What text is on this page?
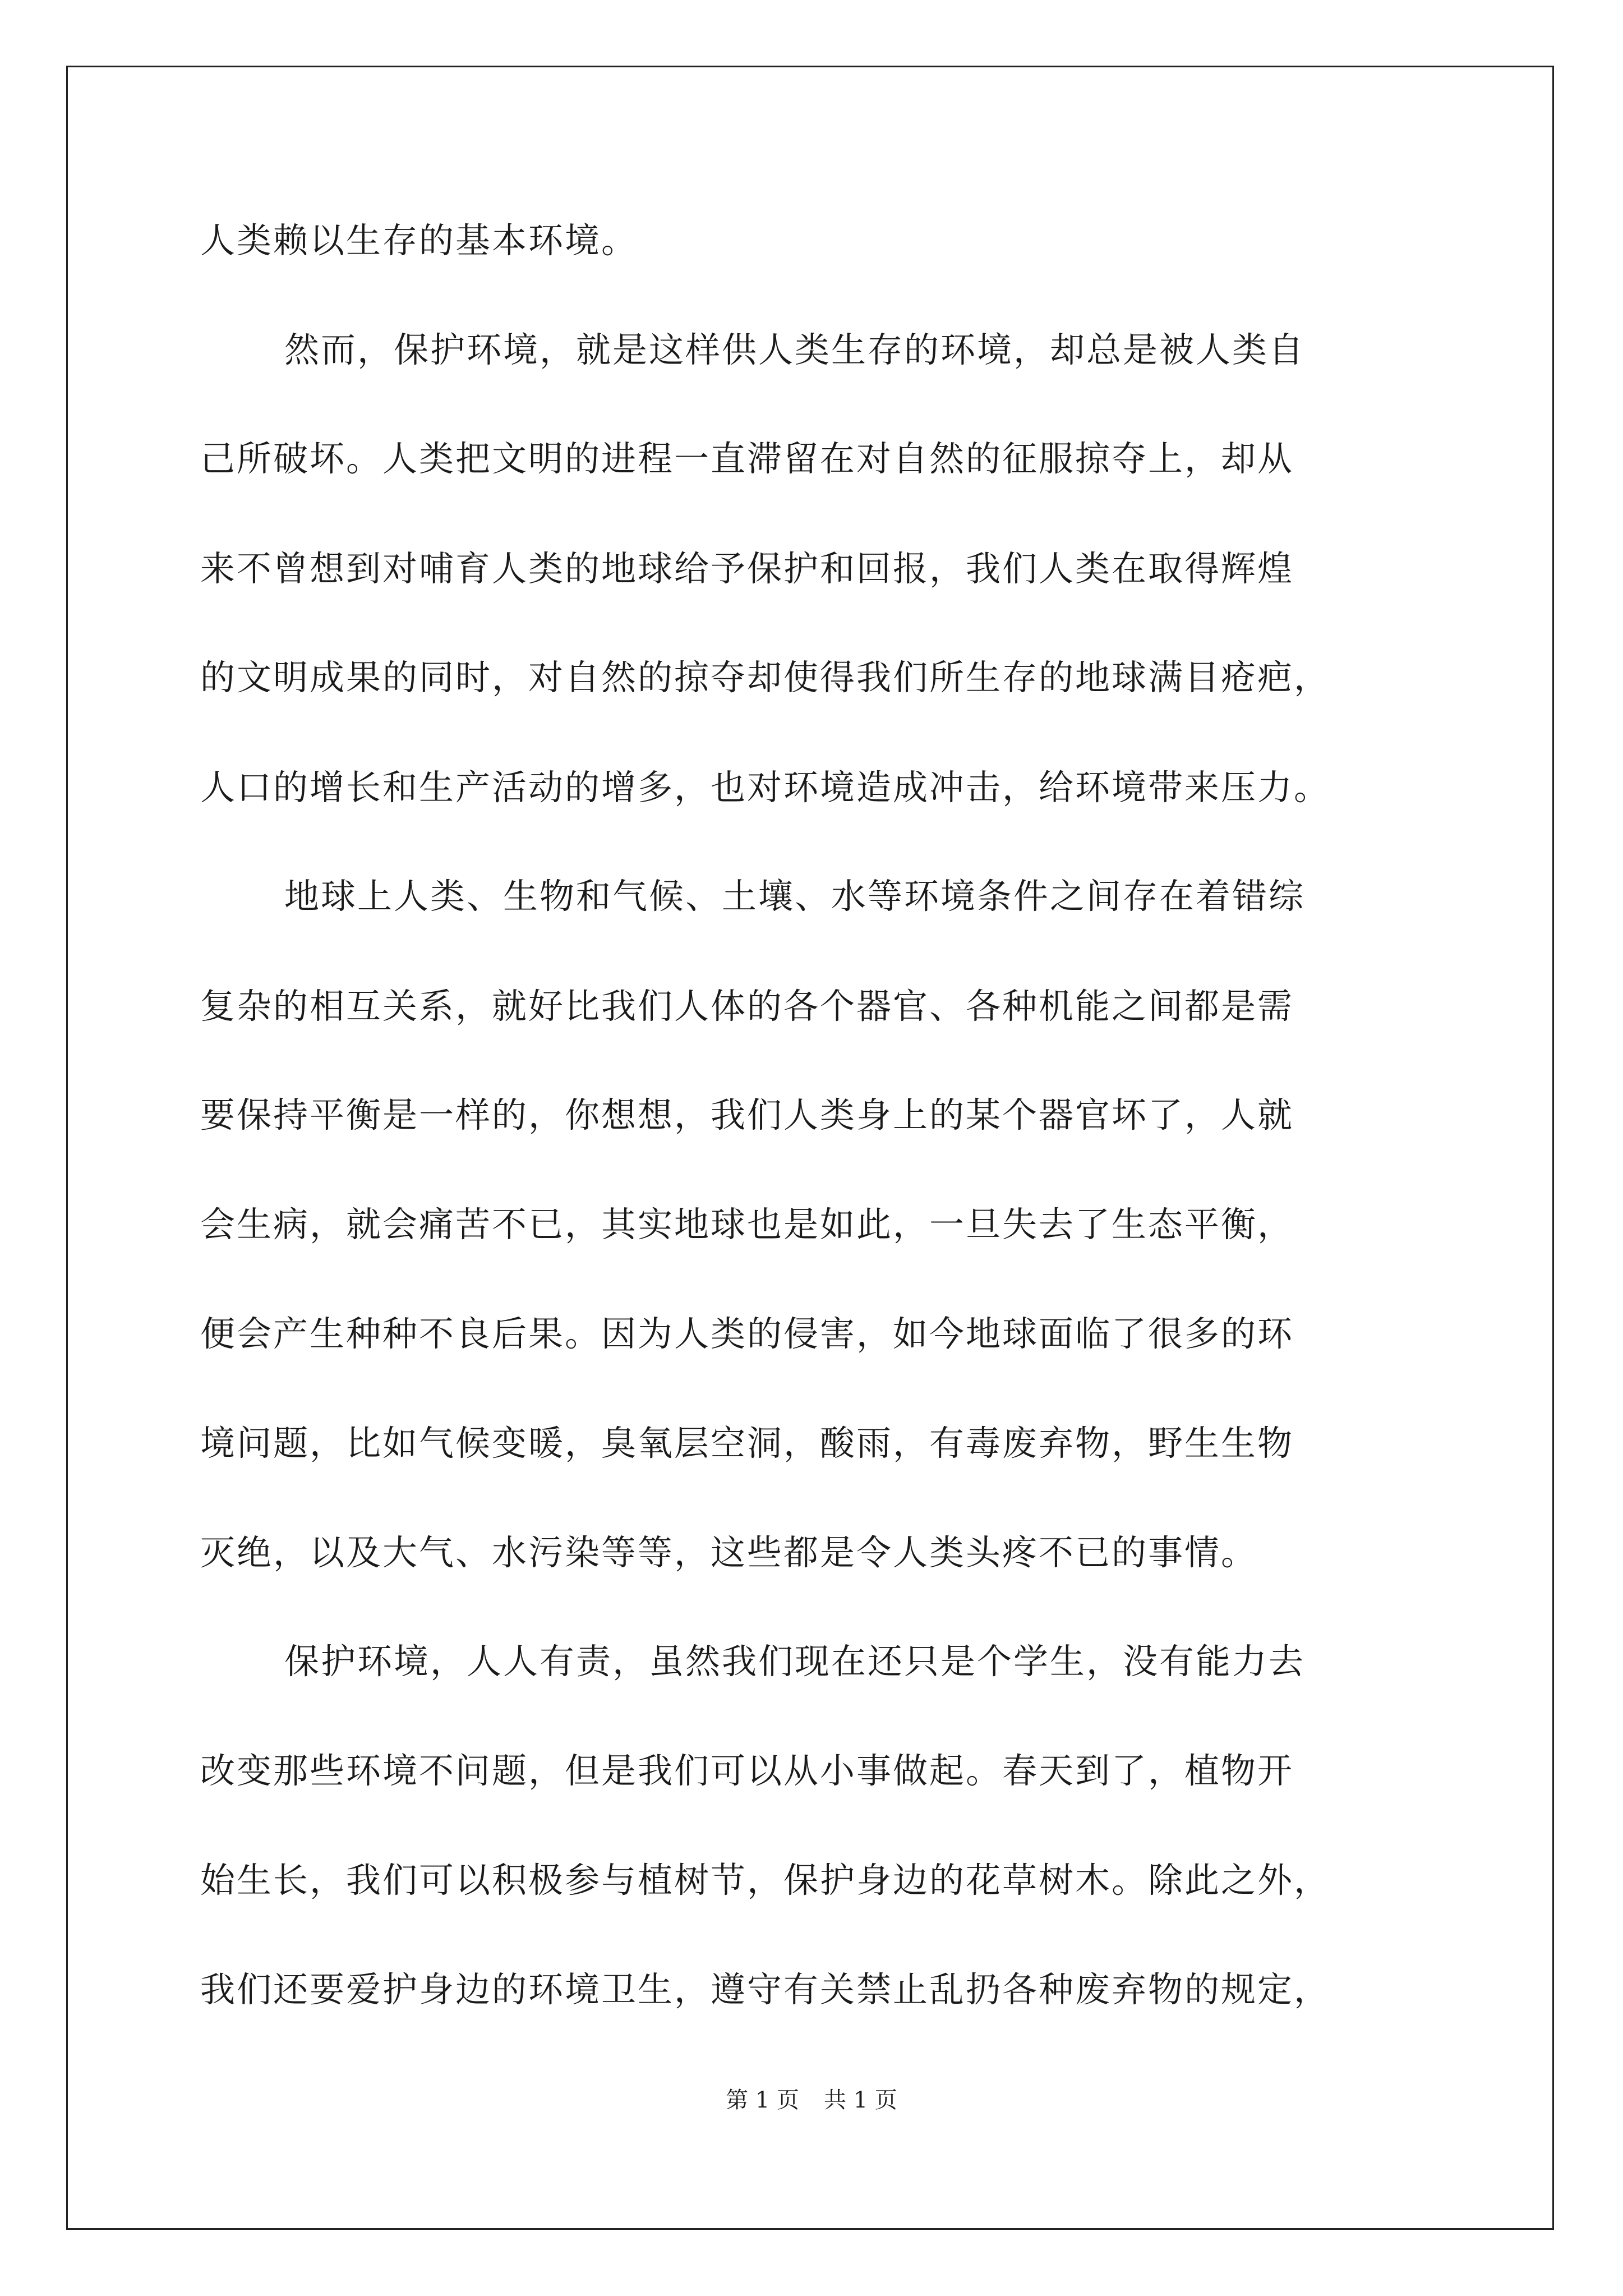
人类赖以生存的基本环境。
然而，保护环境，就是这样供人类生存的环境，却总是被人类自
己所破坏。人类把文明的进程一直滞留在对自然的征服掠夺上，却从
来不曾想到对哺育人类的地球给予保护和回报，我们人类在取得辉煌
的文明成果的同时，对自然的掠夺却使得我们所生存的地球满目疮疤，
人口的增长和生产活动的增多，也对环境造成冲击，给环境带来压力。
地球上人类、生物和气候、土壤、水等环境条件之间存在着错综
复杂的相互关系，就好比我们人体的各个器官、各种机能之间都是需
要保持平衡是一样的，你想想，我们人类身上的某个器官坏了，人就
会生病，就会痛苦不已，其实地球也是如此，一旦失去了生态平衡，
便会产生种种不良后果。因为人类的侵害，如今地球面临了很多的环
境问题，比如气候变暖，臭氧层空洞，酸雨，有毒废弃物，野生生物
灭绝，以及大气、水污染等等，这些都是令人类头疼不已的事情。
保护环境，人人有责，虽然我们现在还只是个学生，没有能力去
改变那些环境不问题，但是我们可以从小事做起。春天到了，植物开
始生长，我们可以积极参与植树节，保护身边的花草树木。除此之外，
我们还要爱护身边的环境卫生，遵守有关禁止乱扔各种废弃物的规定，
第 1 页 共 1 页
